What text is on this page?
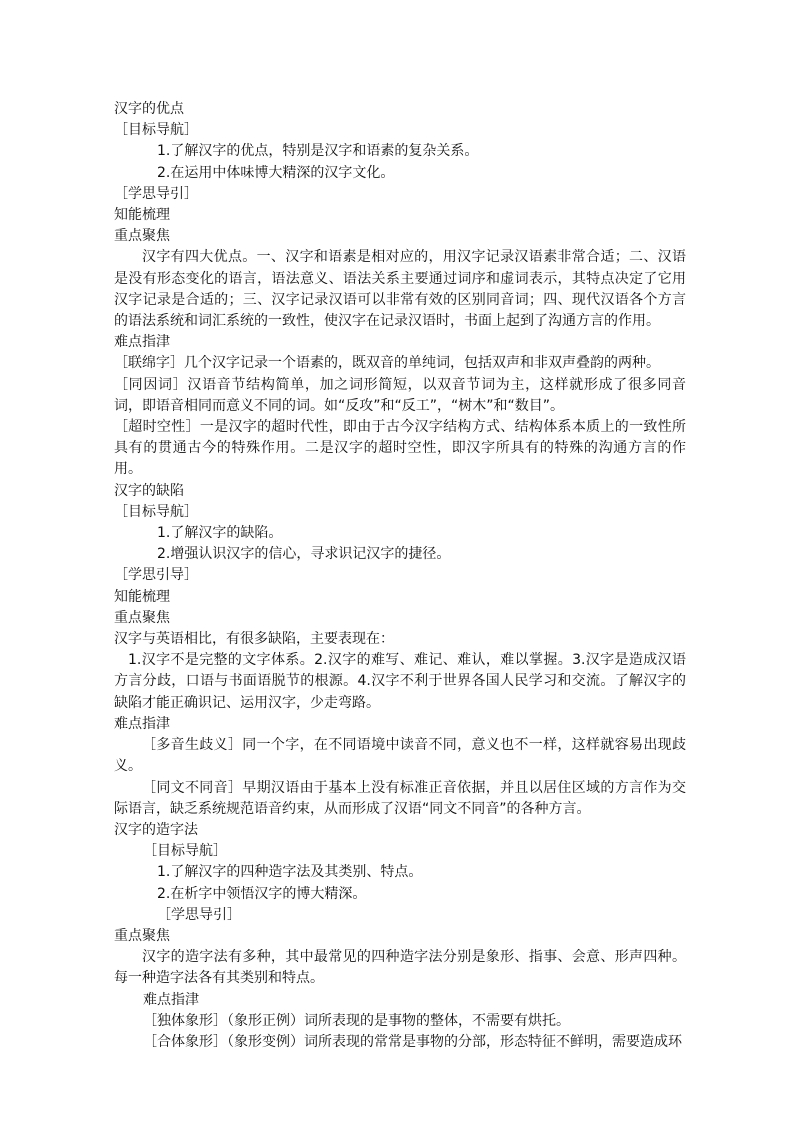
汉字的优点

［目标导航］

1.了解汉字的优点，特别是汉字和语素的复杂关系。

2.在运用中体味博大精深的汉字文化。

［学思导引］

知能梳理

重点聚焦

汉字有四大优点。一、汉字和语素是相对应的，用汉字记录汉语素非常合适；二、汉语是没有形态变化的语言，语法意义、语法关系主要通过词序和虚词表示，其特点决定了它用汉字记录是合适的；三、汉字记录汉语可以非常有效的区别同音词；四、现代汉语各个方言的语法系统和词汇系统的一致性，使汉字在记录汉语时，书面上起到了沟通方言的作用。

难点指津

［联绵字］几个汉字记录一个语素的，既双音的单纯词，包括双声和非双声叠韵的两种。

［同因词］汉语音节结构简单，加之词形简短，以双音节词为主，这样就形成了很多同音词，即语音相同而意义不同的词。如“反攻”和“反工”，“树木”和“数目”。

［超时空性］一是汉字的超时代性，即由于古今汉字结构方式、结构体系本质上的一致性所具有的贯通古今的特殊作用。二是汉字的超时空性，即汉字所具有的特殊的沟通方言的作用。

汉字的缺陷

［目标导航］

1.了解汉字的缺陷。

2.增强认识汉字的信心，寻求识记汉字的捷径。

［学思引导］

知能梳理

重点聚焦

汉字与英语相比，有很多缺陷，主要表现在：

1.汉字不是完整的文字体系。2.汉字的难写、难记、难认，难以掌握。3.汉字是造成汉语方言分歧，口语与书面语脱节的根源。4.汉字不利于世界各国人民学习和交流。了解汉字的缺陷才能正确识记、运用汉字，少走弯路。

难点指津

［多音生歧义］同一个字，在不同语境中读音不同，意义也不一样，这样就容易出现歧义。

［同文不同音］早期汉语由于基本上没有标准正音依据，并且以居住区域的方言作为交际语言，缺乏系统规范语音约束，从而形成了汉语“同文不同音”的各种方言。

汉字的造字法

［目标导航］

1.了解汉字的四种造字法及其类别、特点。

2.在析字中领悟汉字的博大精深。

［学思导引］

重点聚焦

汉字的造字法有多种，其中最常见的四种造字法分别是象形、指事、会意、形声四种。每一种造字法各有其类别和特点。

难点指津

［独体象形］（象形正例）词所表现的是事物的整体，不需要有烘托。

［合体象形］（象形变例）词所表现的常常是事物的分部，形态特征不鲜明，需要造成环
